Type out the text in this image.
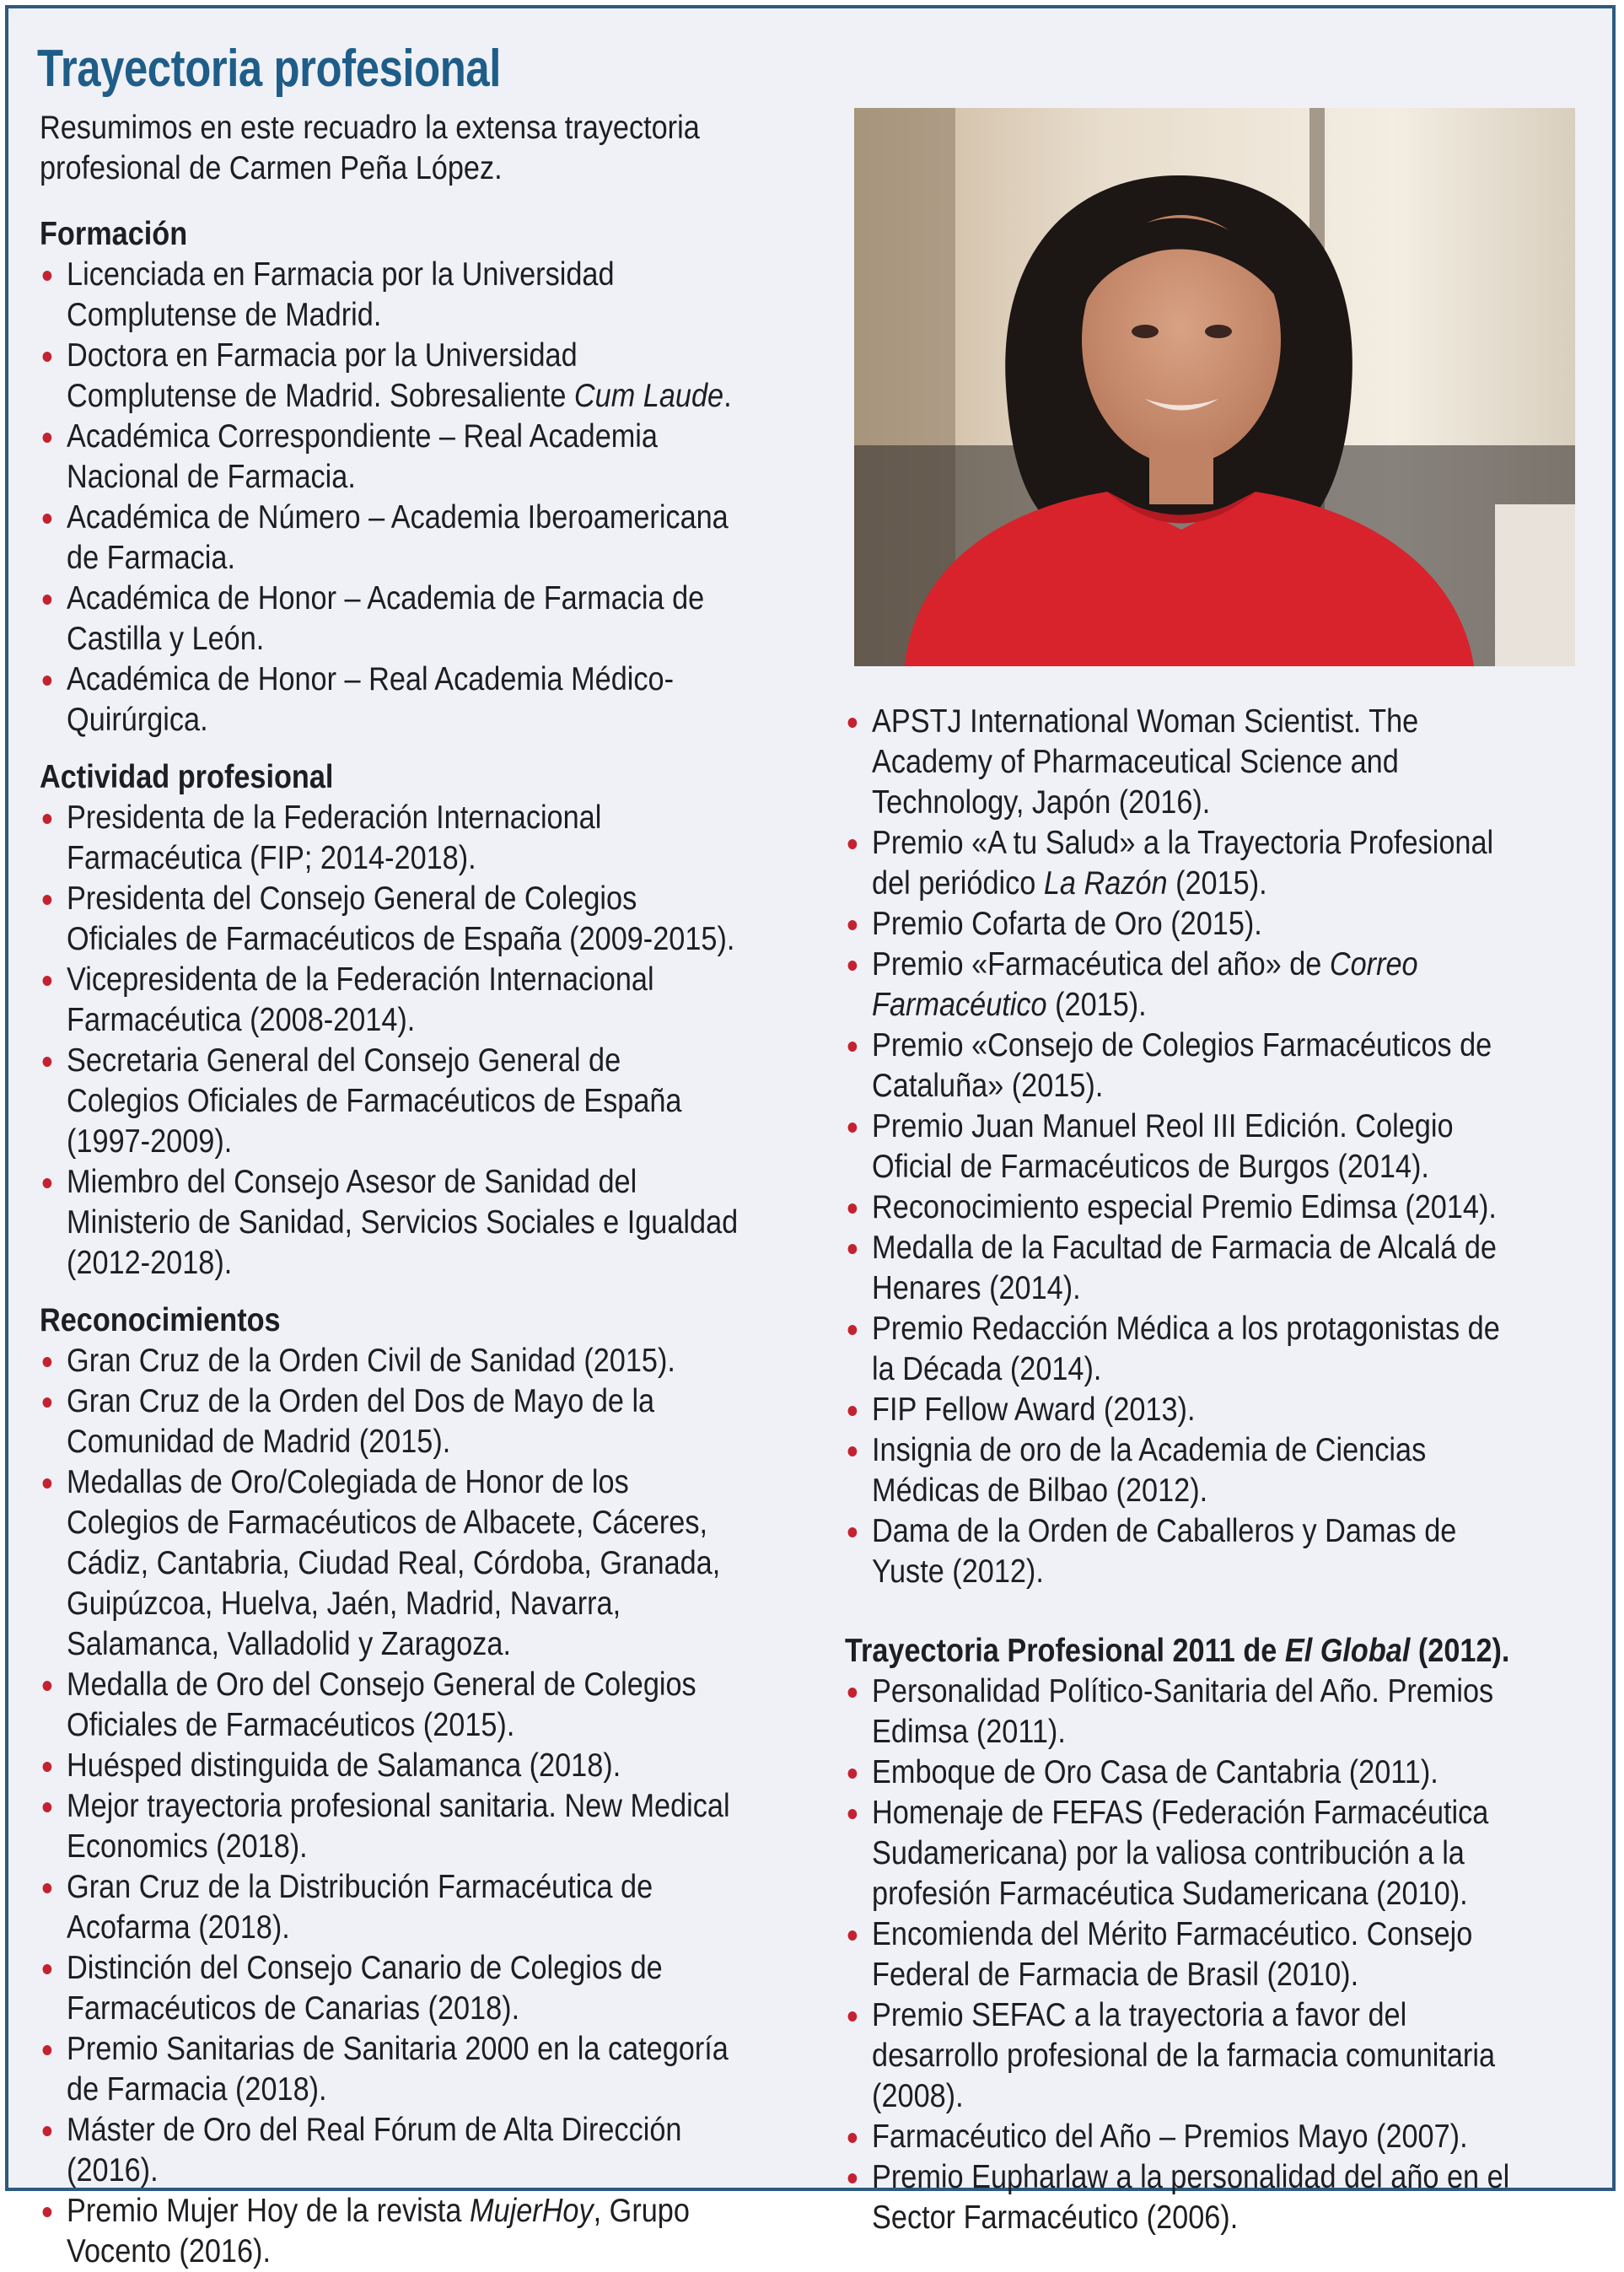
Trayectoria profesional

Resumimos en este recuadro la extensa trayectoria profesional de Carmen Peña López.

Formación

Licenciada en Farmacia por la Universidad Complutense de Madrid.
Doctora en Farmacia por la Universidad Complutense de Madrid. Sobresaliente Cum Laude.
Académica Correspondiente – Real Academia Nacional de Farmacia.
Académica de Número – Academia Iberoamericana de Farmacia.
Académica de Honor – Academia de Farmacia de Castilla y León.
Académica de Honor – Real Academia Médico-Quirúrgica.

Actividad profesional

Presidenta de la Federación Internacional Farmacéutica (FIP; 2014-2018).
Presidenta del Consejo General de Colegios Oficiales de Farmacéuticos de España (2009-2015).
Vicepresidenta de la Federación Internacional Farmacéutica (2008-2014).
Secretaria General del Consejo General de Colegios Oficiales de Farmacéuticos de España (1997-2009).
Miembro del Consejo Asesor de Sanidad del Ministerio de Sanidad, Servicios Sociales e Igualdad (2012-2018).

Reconocimientos

Gran Cruz de la Orden Civil de Sanidad (2015).
Gran Cruz de la Orden del Dos de Mayo de la Comunidad de Madrid (2015).
Medallas de Oro/Colegiada de Honor de los Colegios de Farmacéuticos de Albacete, Cáceres, Cádiz, Cantabria, Ciudad Real, Córdoba, Granada, Guipúzcoa, Huelva, Jaén, Madrid, Navarra, Salamanca, Valladolid y Zaragoza.
Medalla de Oro del Consejo General de Colegios Oficiales de Farmacéuticos (2015).
Huésped distinguida de Salamanca (2018).
Mejor trayectoria profesional sanitaria. New Medical Economics (2018).
Gran Cruz de la Distribución Farmacéutica de Acofarma (2018).
Distinción del Consejo Canario de Colegios de Farmacéuticos de Canarias (2018).
Premio Sanitarias de Sanitaria 2000 en la categoría de Farmacia (2018).
Máster de Oro del Real Fórum de Alta Dirección (2016).
Premio Mujer Hoy de la revista MujerHoy, Grupo Vocento (2016).
APSTJ International Woman Scientist. The Academy of Pharmaceutical Science and Technology, Japón (2016).
Premio «A tu Salud» a la Trayectoria Profesional del periódico La Razón (2015).
Premio Cofarta de Oro (2015).
Premio «Farmacéutica del año» de Correo Farmacéutico (2015).
Premio «Consejo de Colegios Farmacéuticos de Cataluña» (2015).
Premio Juan Manuel Reol III Edición. Colegio Oficial de Farmacéuticos de Burgos (2014).
Reconocimiento especial Premio Edimsa (2014).
Medalla de la Facultad de Farmacia de Alcalá de Henares (2014).
Premio Redacción Médica a los protagonistas de la Década (2014).
FIP Fellow Award (2013).
Insignia de oro de la Academia de Ciencias Médicas de Bilbao (2012).
Dama de la Orden de Caballeros y Damas de Yuste (2012).

Trayectoria Profesional 2011 de El Global (2012).

Personalidad Político-Sanitaria del Año. Premios Edimsa (2011).
Emboque de Oro Casa de Cantabria (2011).
Homenaje de FEFAS (Federación Farmacéutica Sudamericana) por la valiosa contribución a la profesión Farmacéutica Sudamericana (2010).
Encomienda del Mérito Farmacéutico. Consejo Federal de Farmacia de Brasil (2010).
Premio SEFAC a la trayectoria a favor del desarrollo profesional de la farmacia comunitaria (2008).
Farmacéutico del Año – Premios Mayo (2007).
Premio Eupharlaw a la personalidad del año en el Sector Farmacéutico (2006).
